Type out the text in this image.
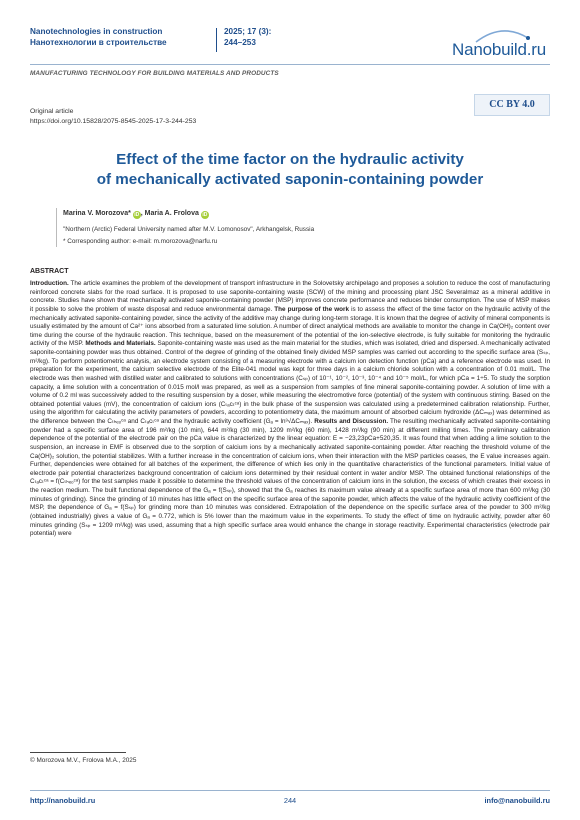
Nanotechnologies in construction
Нанотехнологии в строительстве
2025; 17 (3):
244–253	Nanobuild.ru
MANUFACTURING TECHNOLOGY FOR BUILDING MATERIALS AND PRODUCTS
CC BY 4.0
Original article
https://doi.org/10.15828/2075-8545-2025-17-3-244-253
Effect of the time factor on the hydraulic activity
of mechanically activated saponin-containing powder
Marina V. Morozova* iD , Maria A. Frolova iD
"Northern (Arctic) Federal University named after M.V. Lomonosov", Arkhangelsk, Russia
* Corresponding author: e-mail: m.morozova@narfu.ru
ABSTRACT
Introduction. The article examines the problem of the development of transport infrastructure in the Solovetsky archipelago and proposes a solution to reduce the cost of manufacturing reinforced concrete slabs for the road surface. It is proposed to use saponite-containing waste (SCW) of the mining and processing plant JSC Severalmaz as a mineral additive in concrete. Studies have shown that mechanically activated saponite-containing powder (MSP) improves concrete performance and reduces binder consumption. The use of MSP makes it possible to solve the problem of waste disposal and reduce environmental damage. The purpose of the work is to assess the effect of the time factor on the hydraulic activity of the mechanically activated saponite-containing powder, since the activity of the additive may change during long-term storage. It is known that the degree of activity of mineral components is usually estimated by the amount of Ca²⁺ ions absorbed from a saturated lime solution. A number of direct analytical methods are available to monitor the change in Ca(OH)₂ content over time during the course of the hydraulic reaction. This technique, based on the measurement of the potential of the ion-selective electrode, is fully suitable for monitoring the hydraulic activity of the MSP. Methods and Materials. Saponite-containing waste was used as the main material for the studies, which was isolated, dried and dispersed. A mechanically activated saponite-containing powder was thus obtained. Control of the degree of grinding of the obtained finely divided MSP samples was carried out according to the specific surface area (Sₛₚ, m²/kg). To perform potentiometric analysis, an electrode system consisting of a measuring electrode with a calcium ion detection function (pCa) and a reference electrode was used. In preparation for the experiment, the calcium selective electrode of the Elite-041 model was kept for three days in a calcium chloride solution with a concentration of 0.01 mol/L. The electrode was then washed with distilled water and calibrated to solutions with concentrations (Cₛₚ) of 10⁻¹, 10⁻², 10⁻³, 10⁻⁴ and 10⁻⁵ mol/L, for which pCa = 1÷5. To study the sorption capacity, a lime solution with a concentration of 0.015 mol/l was prepared, as well as a suspension from samples of fine mineral saponite-containing powder. A solution of lime with a volume of 0.2 ml was successively added to the resulting suspension by a doser, while measuring the electromotive force (potential) of the system with continuous stirring. Based on the obtained potential values (mV), the concentration of calcium ions (Cₜₐcₜᶜᵃ) in the bulk phase of the suspension was calculated using a predetermined calibration relationship. Further, using the algorithm for calculating the activity parameters of powders, according to potentiometry data, the maximum amount of absorbed calcium hydroxide (ΔCₘₐₓ) was determined as the difference between the Cₜₕₑₒᶜᵃ and Cₜₐcₜᶜᵃ and the hydraulic activity coefficient (Gₐ = ln³√ΔCₘₐₓ). Results and Discussion. The resulting mechanically activated saponite-containing powder had a specific surface area of 196 m²/kg (10 min), 644 m²/kg (30 min), 1209 m²/kg (60 min), 1428 m²/kg (90 min) at different milling times. The preliminary calibration dependence of the potential of the electrode pair on the pCa value is characterized by the linear equation: E = −23,23pCa+520,35. It was found that when adding a lime solution to the suspension, an increase in EMF is observed due to the sorption of calcium ions by a mechanically activated saponite-containing powder. After reaching the threshold volume of the Ca(OH)₂ solution, the potential stabilizes. With a further increase in the concentration of calcium ions, when their interaction with the MSP particles ceases, the E value increases again. Further, dependencies were obtained for all batches of the experiment, the difference of which lies only in the quantitative characteristics of the functional parameters. Initial value of electrode pair potential characterizes background concentration of calcium ions determined by their residual content in water and/or MSP. The obtained functional relationships of the Cₜₐcₜᶜᵃ = f(Cₜₕₑₒᶜᵃ) for the test samples made it possible to determine the threshold values of the concentration of calcium ions in the solution, the excess of which creates their excess in the reaction medium. The built functional dependence of the Gₐ = f(Sₛₚ), showed that the Gₐ reaches its maximum value already at a specific surface area of more than 600 m²/kg (30 minutes of grinding). Since the grinding of 10 minutes has little effect on the specific surface area of the saponite powder, which affects the value of the hydraulic activity coefficient of the MSP, the dependence of Gₐ = f(Sₛₚ) for grinding more than 10 minutes was considered. Extrapolation of the dependence on the specific surface area of the powder to 300 m²/kg (obtained industrially) gives a value of Gₐ = 0.772, which is 5% lower than the maximum value in the experiments. To study the effect of time on hydraulic activity, powder after 60 minutes grinding (Sₛₚ = 1209 m²/kg) was used, assuming that a high specific surface area would enhance the change in storage reactivity. Experimental characteristics (electrode pair potential) were
© Morozova M.V., Frolova M.A., 2025
http://nanobuild.ru	244	info@nanobuild.ru
